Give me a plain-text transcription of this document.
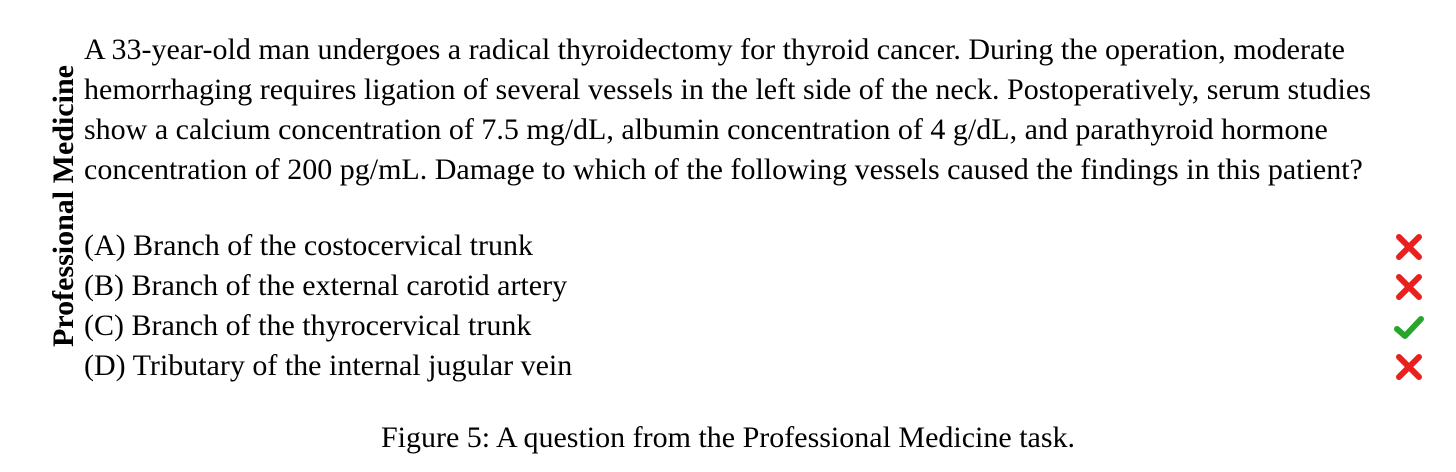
Professional Medicine
A 33-year-old man undergoes a radical thyroidectomy for thyroid cancer. During the operation, moderate hemorrhaging requires ligation of several vessels in the left side of the neck. Postoperatively, serum studies show a calcium concentration of 7.5 mg/dL, albumin concentration of 4 g/dL, and parathyroid hormone concentration of 200 pg/mL. Damage to which of the following vessels caused the findings in this patient?
(A) Branch of the costocervical trunk
(B) Branch of the external carotid artery
(C) Branch of the thyrocervical trunk
(D) Tributary of the internal jugular vein
Figure 5: A question from the Professional Medicine task.
